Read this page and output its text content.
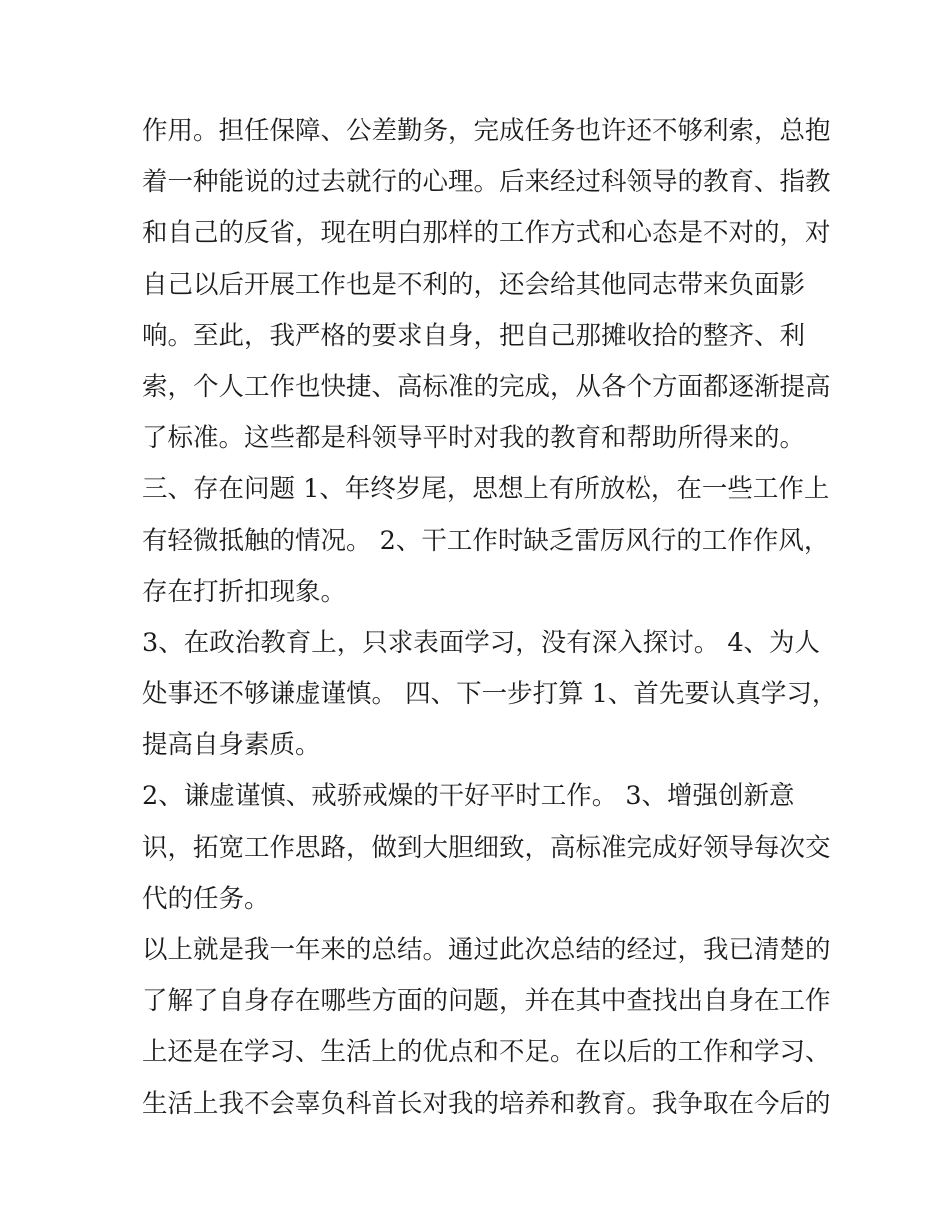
作用。担任保障、公差勤务，完成任务也许还不够利索，总抱
着一种能说的过去就行的心理。后来经过科领导的教育、指教
和自己的反省，现在明白那样的工作方式和心态是不对的，对
自己以后开展工作也是不利的，还会给其他同志带来负面影
响。至此，我严格的要求自身，把自己那摊收拾的整齐、利
索，个人工作也快捷、高标准的完成，从各个方面都逐渐提高
了标准。这些都是科领导平时对我的教育和帮助所得来的。
三、存在问题 1、年终岁尾，思想上有所放松，在一些工作上
有轻微抵触的情况。 2、干工作时缺乏雷厉风行的工作作风，
存在打折扣现象。
3、在政治教育上，只求表面学习，没有深入探讨。 4、为人
处事还不够谦虚谨慎。 四、下一步打算 1、首先要认真学习，
提高自身素质。
2、谦虚谨慎、戒骄戒燥的干好平时工作。 3、增强创新意
识，拓宽工作思路，做到大胆细致，高标准完成好领导每次交
代的任务。
以上就是我一年来的总结。通过此次总结的经过，我已清楚的
了解了自身存在哪些方面的问题，并在其中查找出自身在工作
上还是在学习、生活上的优点和不足。在以后的工作和学习、
生活上我不会辜负科首长对我的培养和教育。我争取在今后的
